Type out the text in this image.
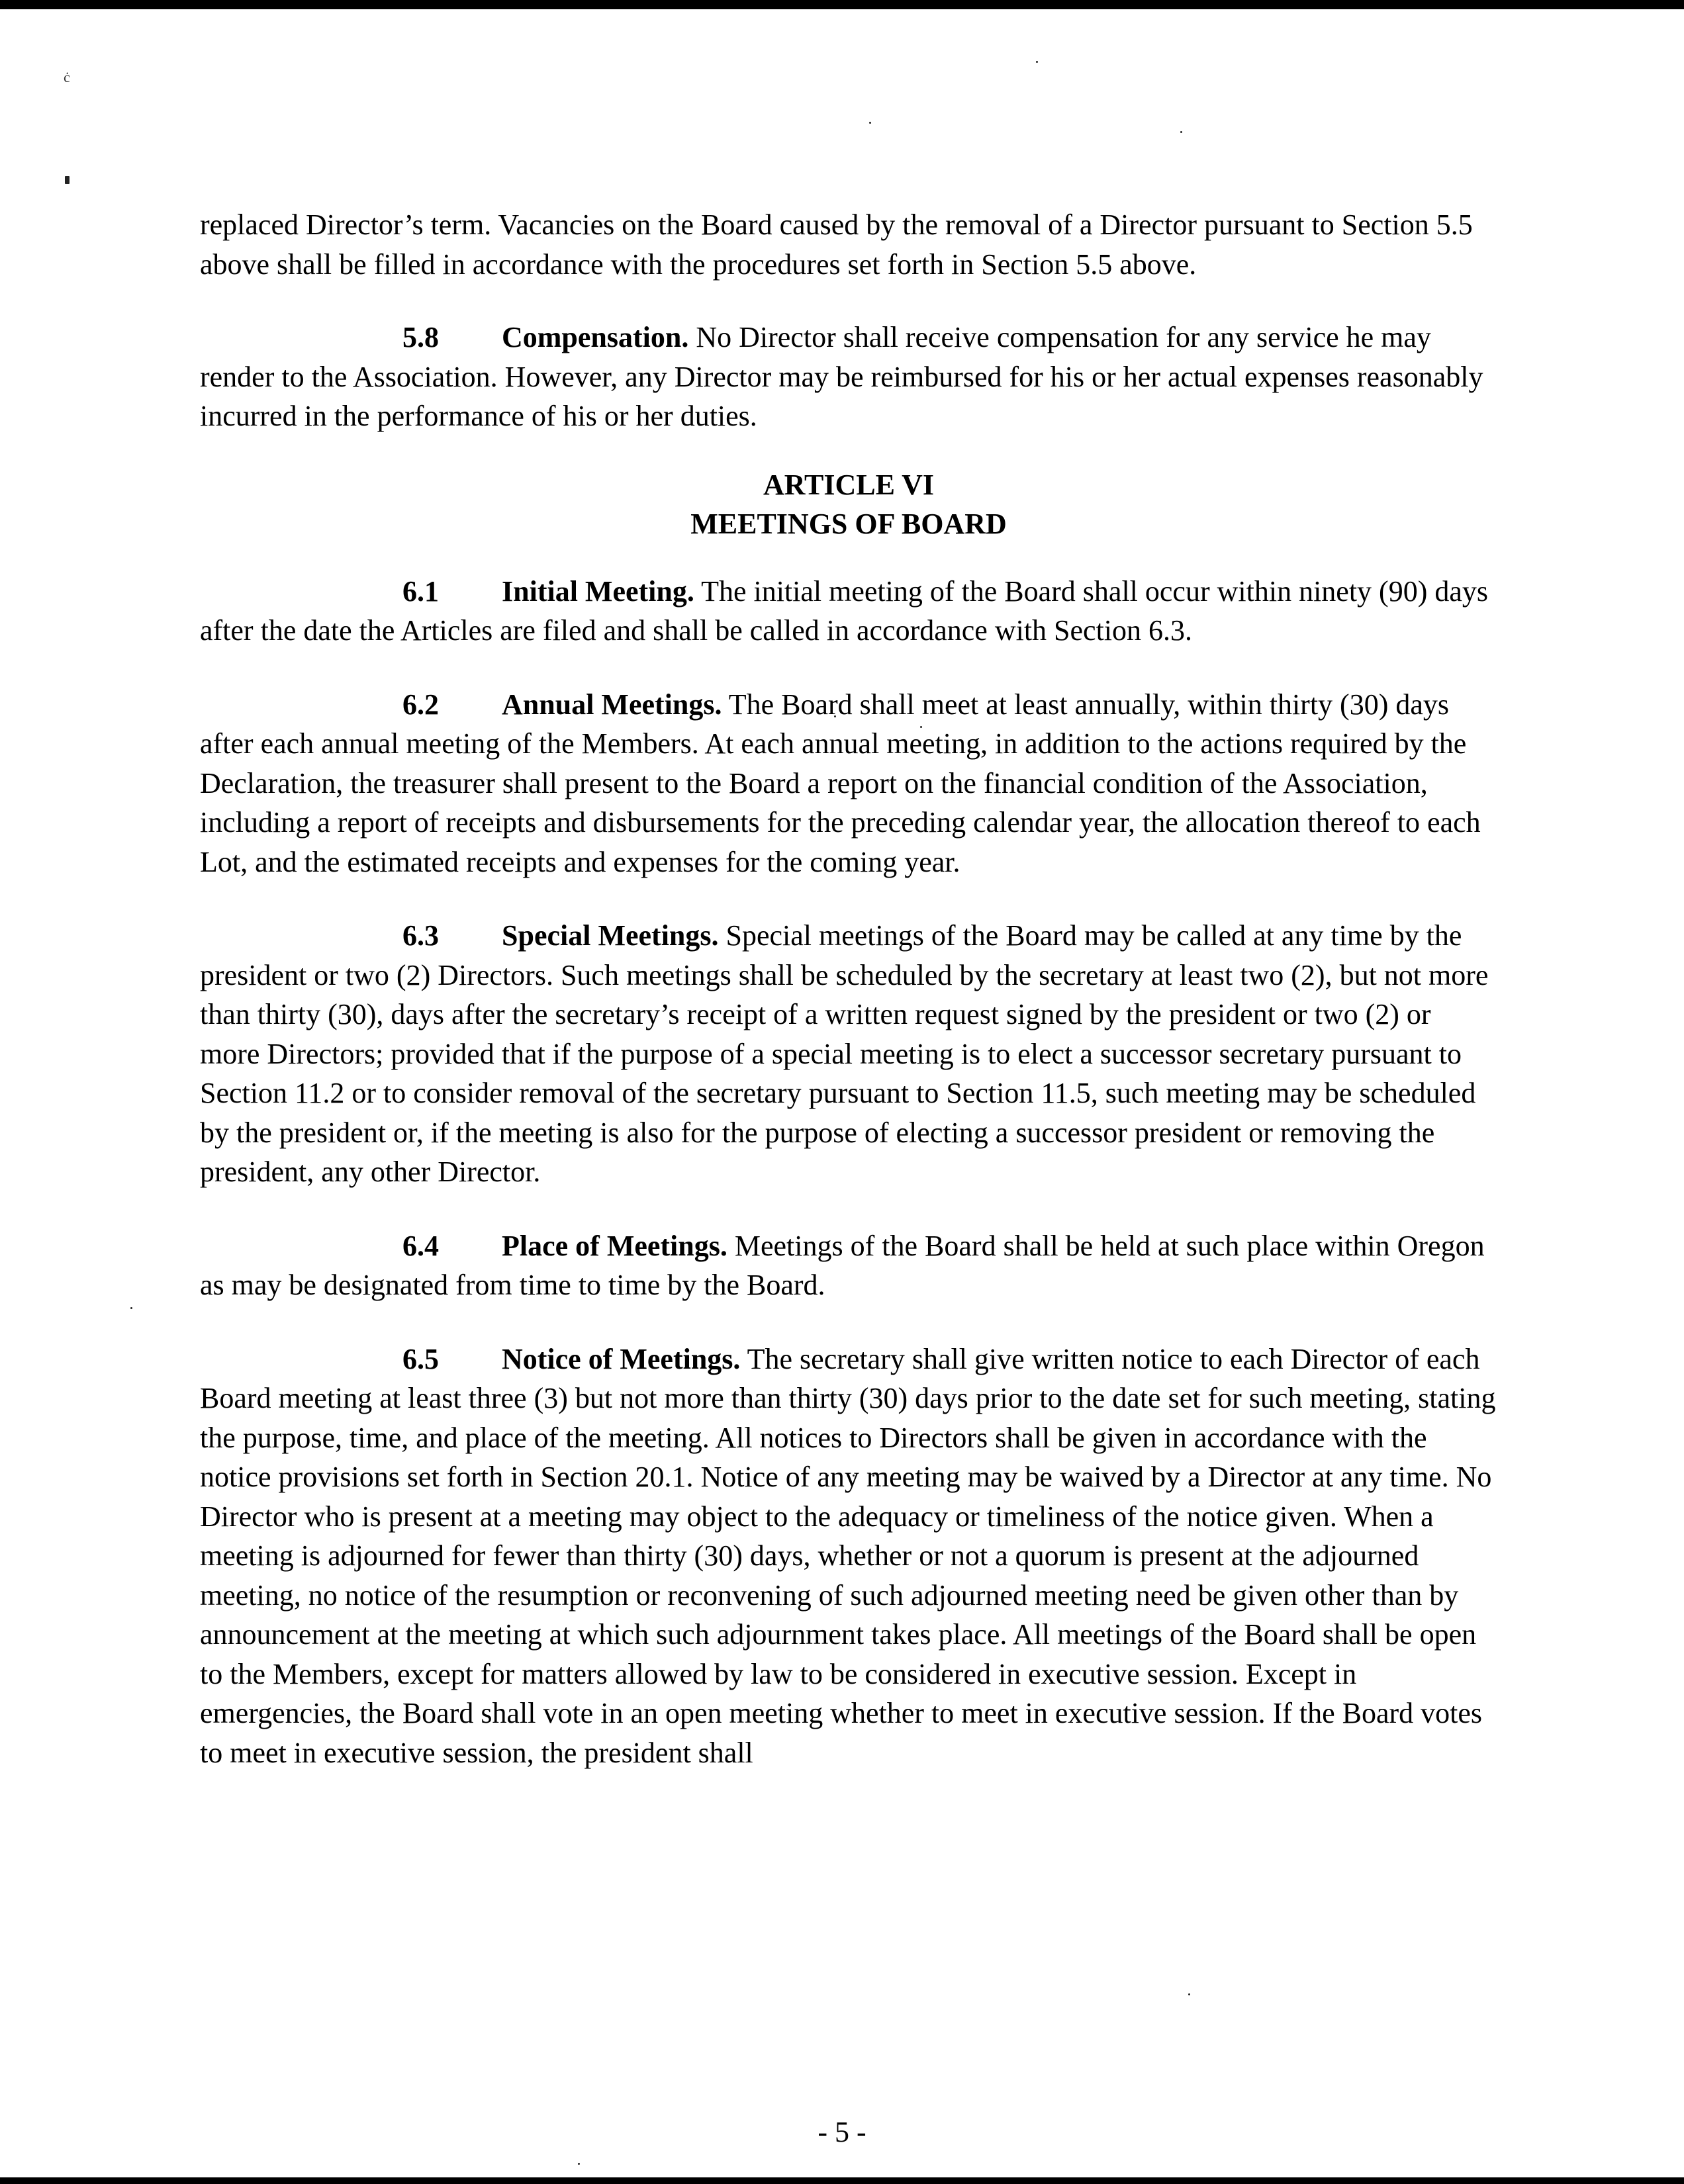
ċ

replaced Director’s term. Vacancies on the Board caused by the removal of a Director pursuant to Section 5.5 above shall be filled in accordance with the procedures set forth in Section 5.5 above.

5.8 Compensation. No Director shall receive compensation for any service he may render to the Association. However, any Director may be reimbursed for his or her actual expenses reasonably incurred in the performance of his or her duties.

ARTICLE VI

MEETINGS OF BOARD

6.1 Initial Meeting. The initial meeting of the Board shall occur within ninety (90) days after the date the Articles are filed and shall be called in accordance with Section 6.3.

6.2 Annual Meetings. The Board shall meet at least annually, within thirty (30) days after each annual meeting of the Members. At each annual meeting, in addition to the actions required by the Declaration, the treasurer shall present to the Board a report on the financial condition of the Association, including a report of receipts and disbursements for the preceding calendar year, the allocation thereof to each Lot, and the estimated receipts and expenses for the coming year.

6.3 Special Meetings. Special meetings of the Board may be called at any time by the president or two (2) Directors. Such meetings shall be scheduled by the secretary at least two (2), but not more than thirty (30), days after the secretary’s receipt of a written request signed by the president or two (2) or more Directors; provided that if the purpose of a special meeting is to elect a successor secretary pursuant to Section 11.2 or to consider removal of the secretary pursuant to Section 11.5, such meeting may be scheduled by the president or, if the meeting is also for the purpose of electing a successor president or removing the president, any other Director.

6.4 Place of Meetings. Meetings of the Board shall be held at such place within Oregon as may be designated from time to time by the Board.

6.5 Notice of Meetings. The secretary shall give written notice to each Director of each Board meeting at least three (3) but not more than thirty (30) days prior to the date set for such meeting, stating the purpose, time, and place of the meeting. All notices to Directors shall be given in accordance with the notice provisions set forth in Section 20.1. Notice of any meeting may be waived by a Director at any time. No Director who is present at a meeting may object to the adequacy or timeliness of the notice given. When a meeting is adjourned for fewer than thirty (30) days, whether or not a quorum is present at the adjourned meeting, no notice of the resumption or reconvening of such adjourned meeting need be given other than by announcement at the meeting at which such adjournment takes place. All meetings of the Board shall be open to the Members, except for matters allowed by law to be considered in executive session. Except in emergencies, the Board shall vote in an open meeting whether to meet in executive session. If the Board votes to meet in executive session, the president shall

- 5 -
